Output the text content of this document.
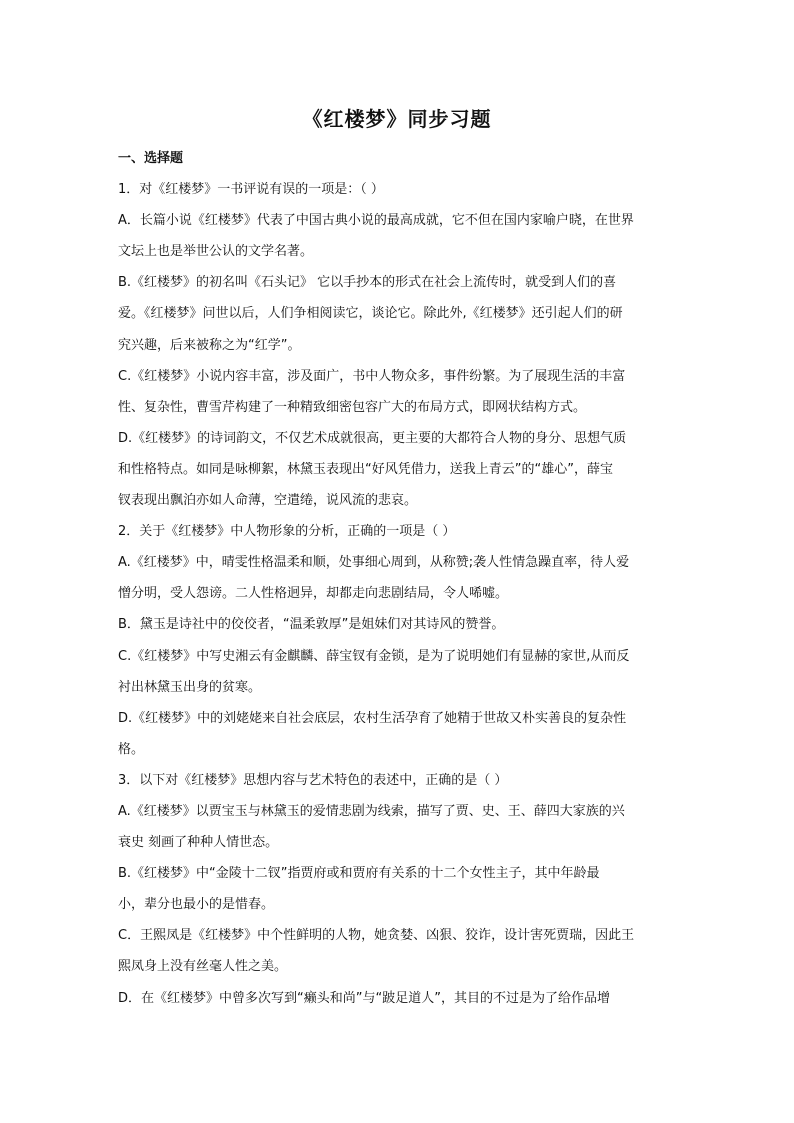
《红楼梦》同步习题
一、选择题
1．对《红楼梦》一书评说有误的一项是：（ ）
A．长篇小说《红楼梦》代表了中国古典小说的最高成就，它不但在国内家喻户晓，在世界
文坛上也是举世公认的文学名著。
B.《红楼梦》的初名叫《石头记》 它以手抄本的形式在社会上流传时，就受到人们的喜
爱。《红楼梦》问世以后，人们争相阅读它，谈论它。除此外,《红楼梦》还引起人们的研
究兴趣，后来被称之为“红学”。
C.《红楼梦》小说内容丰富，涉及面广，书中人物众多，事件纷繁。为了展现生活的丰富
性、复杂性，曹雪芹构建了一种精致细密包容广大的布局方式，即网状结构方式。
D.《红楼梦》的诗词韵文，不仅艺术成就很高，更主要的大都符合人物的身分、思想气质
和性格特点。如同是咏柳絮，林黛玉表现出“好风凭借力，送我上青云”的“雄心”，薛宝
钗表现出飘泊亦如人命薄，空遣绻，说风流的悲哀。
2．关于《红楼梦》中人物形象的分析，正确的一项是（ ）
A.《红楼梦》中，晴雯性格温柔和顺，处事细心周到，从称赞;袭人性情急躁直率，待人爱
憎分明，受人怨谤。二人性格迥异，却都走向悲剧结局，令人唏嘘。
B．黛玉是诗社中的佼佼者，“温柔敦厚”是姐妹们对其诗风的赞誉。
C.《红楼梦》中写史湘云有金麒麟、薛宝钗有金锁，是为了说明她们有显赫的家世,从而反
衬出林黛玉出身的贫寒。
D.《红楼梦》中的刘姥姥来自社会底层，农村生活孕育了她精于世故又朴实善良的复杂性
格。
3．以下对《红楼梦》思想内容与艺术特色的表述中，正确的是（ ）
A.《红楼梦》以贾宝玉与林黛玉的爱情悲剧为线索，描写了贾、史、王、薛四大家族的兴
衰史 刻画了种种人情世态。
B.《红楼梦》中“金陵十二钗”指贾府或和贾府有关系的十二个女性主子，其中年龄最
小，辈分也最小的是惜春。
C．王熙凤是《红楼梦》中个性鲜明的人物，她贪婪、凶狠、狡诈，设计害死贾瑞，因此王
熙凤身上没有丝毫人性之美。
D．在《红楼梦》中曾多次写到“癞头和尚”与“跛足道人”，其目的不过是为了给作品增
